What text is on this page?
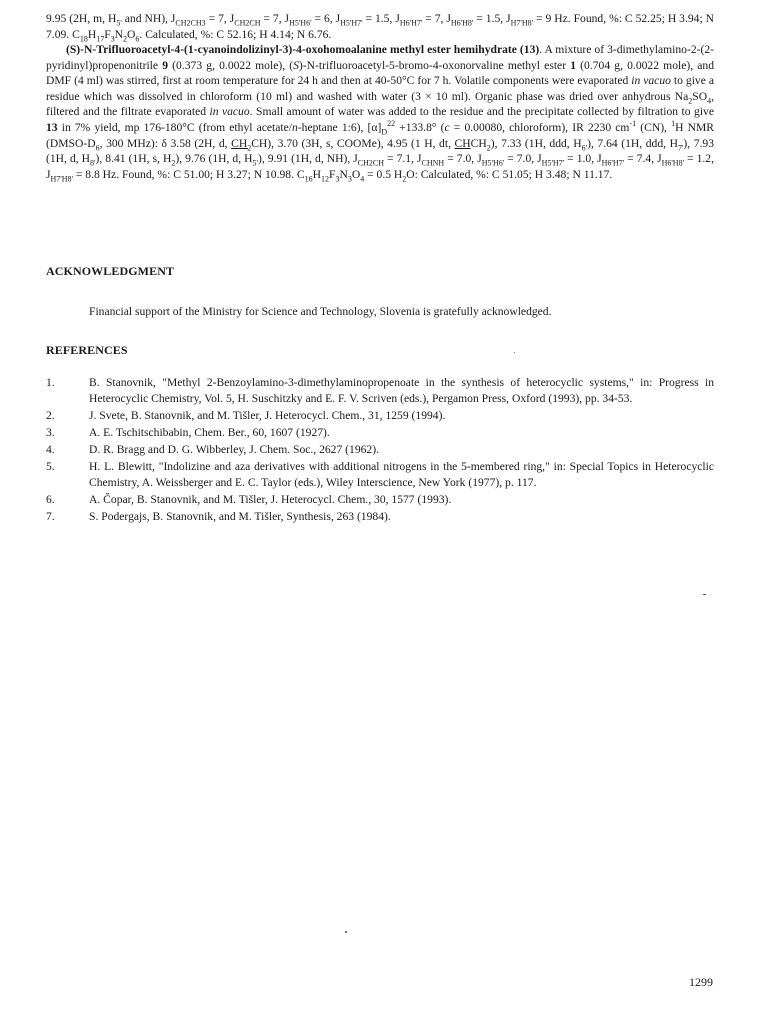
9.95 (2H, m, $H_{5'}$ and NH), $J_{CH2CH3} = 7$, $J_{CH2CH} = 7$, $J_{H5'H6'} = 6$, $J_{H5'H7'} = 1.5$, $J_{H6'H7'} = 7$, $J_{H6'H8'} = 1.5$, $J_{H7'H8'} = 9$ Hz. Found, %: C 52.25; H 3.94; N 7.09. $C_{18}H_{17}F_3N_2O_6$. Calculated, %: C 52.16; H 4.14; N 6.76.

(S)-N-Trifluoroacetyl-4-(1-cyanoindolizinyl-3)-4-oxohomoalanine methyl ester hemihydrate (13). A mixture of 3-dimethylamino-2-(2-pyridinyl)propenonitrile 9 (0.373 g, 0.0022 mole), (S)-N-trifluoroacetyl-5-bromo-4-oxonorvaline methyl ester 1 (0.704 g, 0.0022 mole), and DMF (4 ml) was stirred, first at room temperature for 24 h and then at 40-50°C for 7 h. Volatile components were evaporated in vacuo to give a residue which was dissolved in chloroform (10 ml) and washed with water (3 × 10 ml). Organic phase was dried over anhydrous $Na_2SO_4$, filtered and the filtrate evaporated in vacuo. Small amount of water was added to the residue and the precipitate collected by filtration to give 13 in 7% yield, mp 176-180°C (from ethyl acetate/n-heptane 1:6), $[\alpha]_D^{22} +133.8^\circ$ (c = 0.00080, chloroform), IR 2230 $cm^{-1}$ (CN), $^1$H NMR ($DMSO-D_6$, 300 MHz): δ 3.58 (2H, d, $CH_2CH$), 3.70 (3H, s, COOMe), 4.95 (1 H, dt, $CHCH_2$), 7.33 (1H, ddd, $H_{6'}$), 7.64 (1H, ddd, $H_{7'}$), 7.93 (1H, d, $H_{8'}$), 8.41 (1H, s, $H_2$), 9.76 (1H, d, $H_{5'}$), 9.91 (1H, d, NH), $J_{CH2CH} = 7.1$, $J_{CHNH} = 7.0$, $J_{H5'H6'} = 7.0$, $J_{H5'H7'} = 1.0$, $J_{H6'H7'} = 7.4$, $J_{H6'H8'} = 1.2$, $J_{H7'H8'} = 8.8$ Hz. Found, %: C 51.00; H 3.27; N 10.98. $C_{16}H_{12}F_3N_3O_4 = 0.5$ $H_2O$: Calculated, %: C 51.05; H 3.48; N 11.17.

ACKNOWLEDGMENT

Financial support of the Ministry for Science and Technology, Slovenia is gratefully acknowledged.

REFERENCES
1.	B. Stanovnik, "Methyl 2-Benzoylamino-3-dimethylaminopropenoate in the synthesis of heterocyclic systems," in: Progress in Heterocyclic Chemistry, Vol. 5, H. Suschitzky and E. F. V. Scriven (eds.), Pergamon Press, Oxford (1993), pp. 34-53.
2.	J. Svete, B. Stanovnik, and M. Tišler, J. Heterocycl. Chem., 31, 1259 (1994).
3.	A. E. Tschitschibabin, Chem. Ber., 60, 1607 (1927).
4.	D. R. Bragg and D. G. Wibberley, J. Chem. Soc., 2627 (1962).
5.	H. L. Blewitt, "Indolizine and aza derivatives with additional nitrogens in the 5-membered ring," in: Special Topics in Heterocyclic Chemistry, A. Weissberger and E. C. Taylor (eds.), Wiley Interscience, New York (1977), p. 117.
6.	A. Čopar, B. Stanovnik, and M. Tišler, J. Heterocycl. Chem., 30, 1577 (1993).
7.	S. Podergajs, B. Stanovnik, and M. Tišler, Synthesis, 263 (1984).

1299
